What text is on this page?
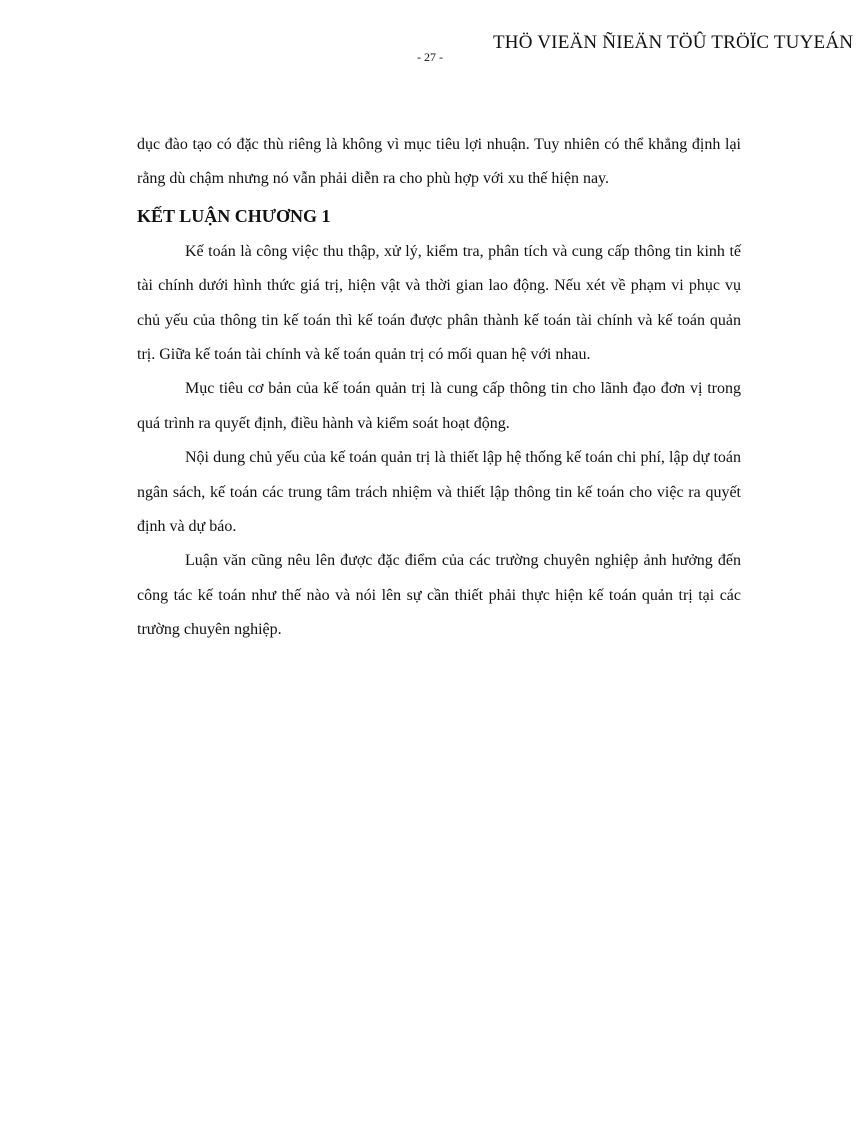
THÖ VIEÄN ÑIEÄN TÖÛ TRÖÏC TUYEÁN
- 27 -

dục đào tạo có đặc thù riêng là không vì mục tiêu lợi nhuận. Tuy nhiên có thể khẳng định lại rằng dù chậm nhưng nó vẫn phải diễn ra cho phù hợp với xu thế hiện nay.

KẾT LUẬN CHƯƠNG 1

Kế toán là công việc thu thập, xử lý, kiểm tra, phân tích và cung cấp thông tin kinh tế tài chính dưới hình thức giá trị, hiện vật và thời gian lao động. Nếu xét về phạm vi phục vụ chủ yếu của thông tin kế toán thì kế toán được phân thành kế toán tài chính và kế toán quản trị. Giữa kế toán tài chính và kế toán quản trị có mối quan hệ với nhau.

Mục tiêu cơ bản của kế toán quản trị là cung cấp thông tin cho lãnh đạo đơn vị trong quá trình ra quyết định, điều hành và kiểm soát hoạt động.

Nội dung chủ yếu của kế toán quản trị là thiết lập hệ thống kế toán chi phí, lập dự toán ngân sách, kế toán các trung tâm trách nhiệm và thiết lập thông tin kế toán cho việc ra quyết định và dự báo.

Luận văn cũng nêu lên được đặc điểm của các trường chuyên nghiệp ảnh hưởng đến công tác kế toán như thế nào và nói lên sự cần thiết phải thực hiện kế toán quản trị tại các trường chuyên nghiệp.
